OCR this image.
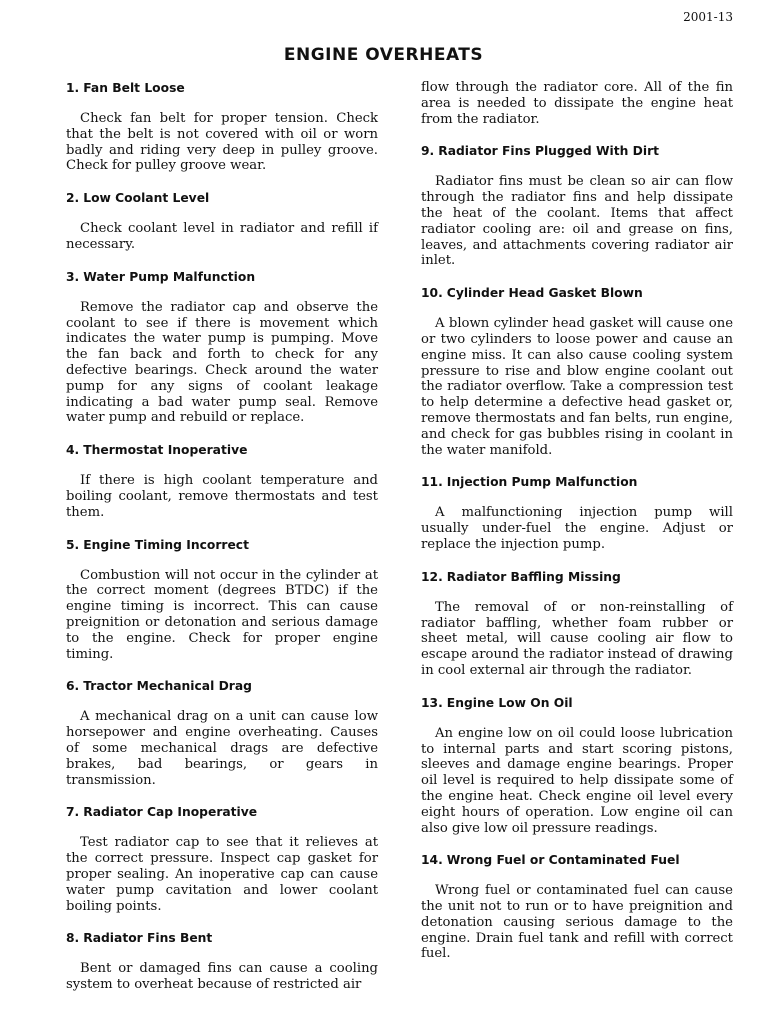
2001-13
ENGINE OVERHEATS
1. Fan Belt Loose

Check fan belt for proper tension. Check that the belt is not covered with oil or worn badly and riding very deep in pulley groove. Check for pulley groove wear.

2. Low Coolant Level

Check coolant level in radiator and refill if necessary.

3. Water Pump Malfunction

Remove the radiator cap and observe the coolant to see if there is movement which indicates the water pump is pumping. Move the fan back and forth to check for any defective bearings. Check around the water pump for any signs of coolant leakage indicating a bad water pump seal. Remove water pump and rebuild or replace.

4. Thermostat Inoperative

If there is high coolant temperature and boiling coolant, remove thermostats and test them.

5. Engine Timing Incorrect

Combustion will not occur in the cylinder at the correct moment (degrees BTDC) if the engine timing is incorrect. This can cause preignition or detonation and serious damage to the engine. Check for proper engine timing.

6. Tractor Mechanical Drag

A mechanical drag on a unit can cause low horsepower and engine overheating. Causes of some mechanical drags are defective brakes, bad bearings, or gears in transmission.

7. Radiator Cap Inoperative

Test radiator cap to see that it relieves at the correct pressure. Inspect cap gasket for proper sealing. An inoperative cap can cause water pump cavitation and lower coolant boiling points.

8. Radiator Fins Bent

Bent or damaged fins can cause a cooling system to overheat because of restricted air

flow through the radiator core. All of the fin area is needed to dissipate the engine heat from the radiator.

9. Radiator Fins Plugged With Dirt

Radiator fins must be clean so air can flow through the radiator fins and help dissipate the heat of the coolant. Items that affect radiator cooling are: oil and grease on fins, leaves, and attachments covering radiator air inlet.

10. Cylinder Head Gasket Blown

A blown cylinder head gasket will cause one or two cylinders to loose power and cause an engine miss. It can also cause cooling system pressure to rise and blow engine coolant out the radiator overflow. Take a compression test to help determine a defective head gasket or, remove thermostats and fan belts, run engine, and check for gas bubbles rising in coolant in the water manifold.

11. Injection Pump Malfunction

A malfunctioning injection pump will usually under-fuel the engine. Adjust or replace the injection pump.

12. Radiator Baffling Missing

The removal of or non-reinstalling of radiator baffling, whether foam rubber or sheet metal, will cause cooling air flow to escape around the radiator instead of drawing in cool external air through the radiator.

13. Engine Low On Oil

An engine low on oil could loose lubrication to internal parts and start scoring pistons, sleeves and damage engine bearings. Proper oil level is required to help dissipate some of the engine heat. Check engine oil level every eight hours of operation. Low engine oil can also give low oil pressure readings.

14. Wrong Fuel or Contaminated Fuel

Wrong fuel or contaminated fuel can cause the unit not to run or to have preignition and detonation causing serious damage to the engine. Drain fuel tank and refill with correct fuel.
